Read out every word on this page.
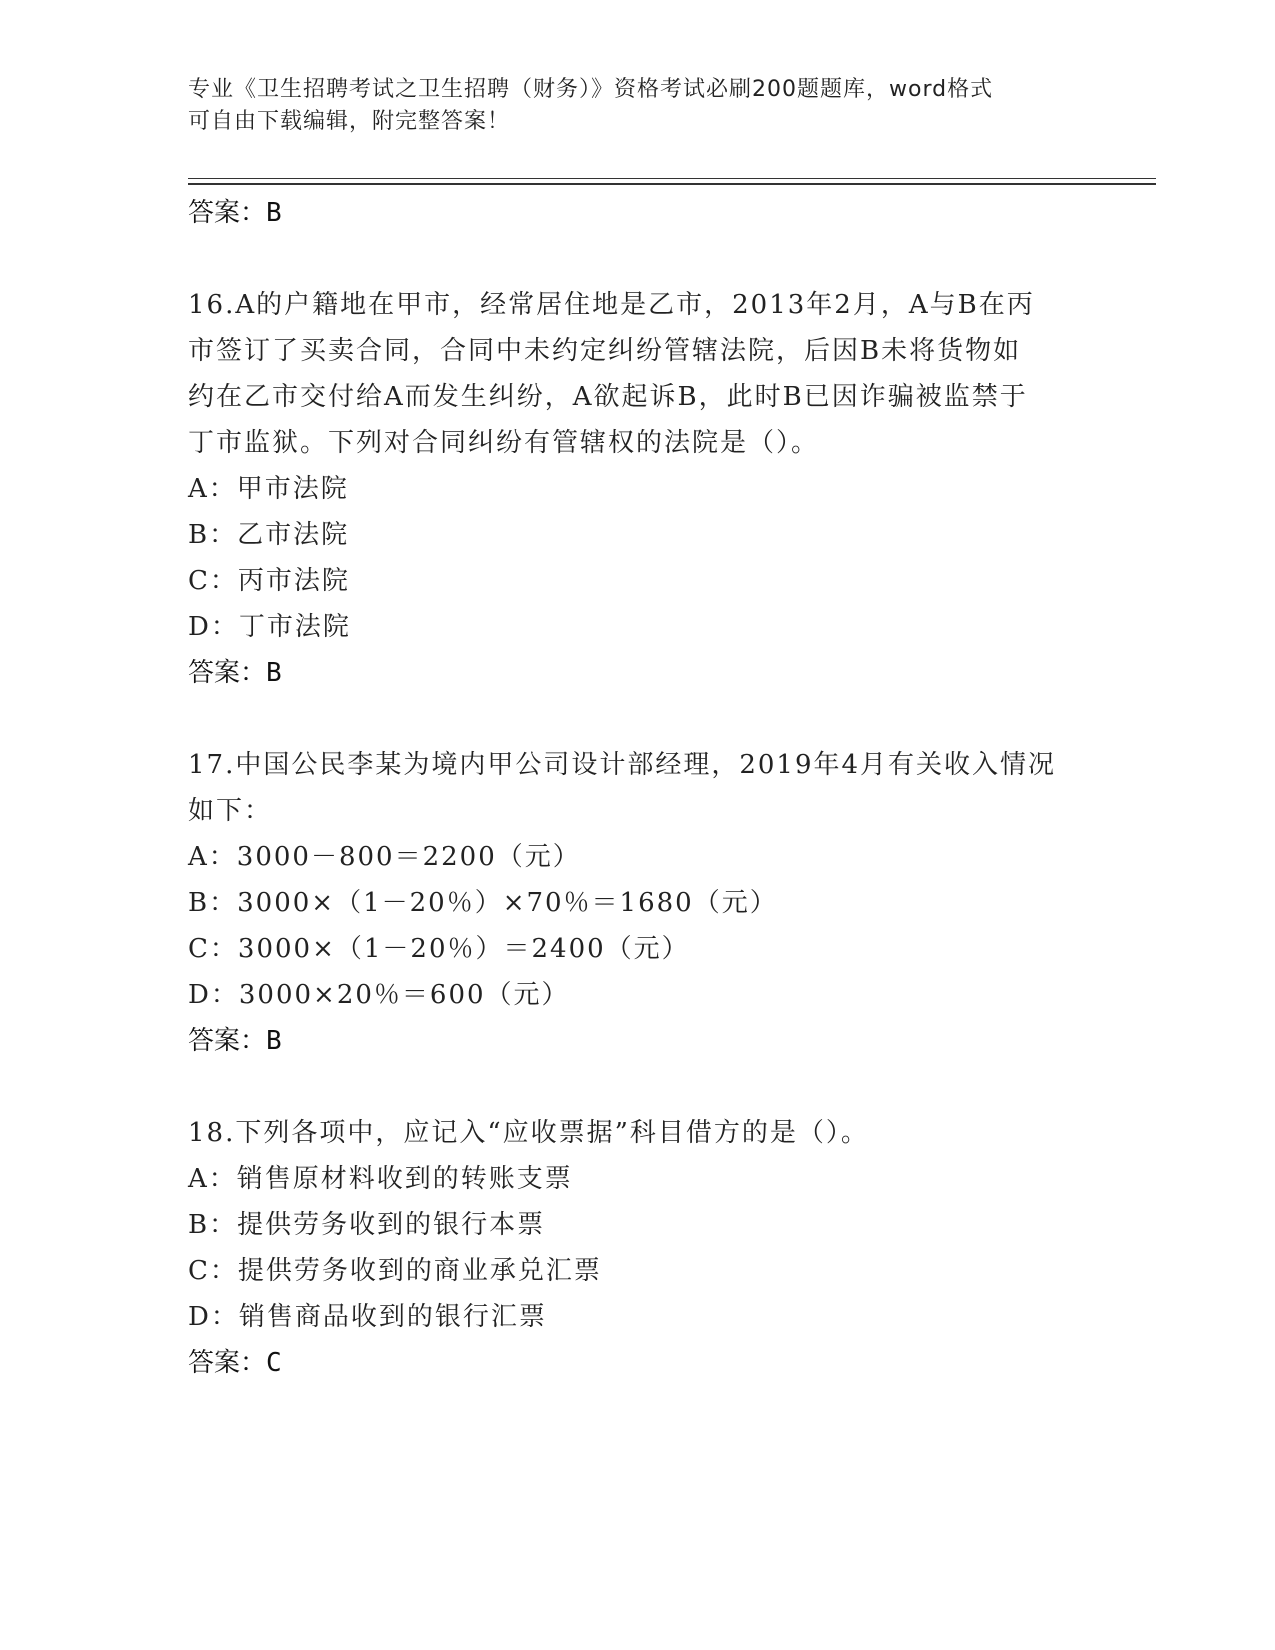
专业《卫生招聘考试之卫生招聘（财务）》资格考试必刷200题题库，word格式
可自由下载编辑，附完整答案！
答案：B
16.A的户籍地在甲市，经常居住地是乙市，2013年2月，A与B在丙
市签订了买卖合同，合同中未约定纠纷管辖法院，后因B未将货物如
约在乙市交付给A而发生纠纷，A欲起诉B，此时B已因诈骗被监禁于
丁市监狱。下列对合同纠纷有管辖权的法院是（）。
A：甲市法院
B：乙市法院
C：丙市法院
D：丁市法院
答案：B
17.中国公民李某为境内甲公司设计部经理，2019年4月有关收入情况
如下：
A：3000－800＝2200（元）
B：3000×（1－20％）×70％＝1680（元）
C：3000×（1－20％）＝2400（元）
D：3000×20％＝600（元）
答案：B
18.下列各项中，应记入“应收票据”科目借方的是（）。
A：销售原材料收到的转账支票
B：提供劳务收到的银行本票
C：提供劳务收到的商业承兑汇票
D：销售商品收到的银行汇票
答案：C
